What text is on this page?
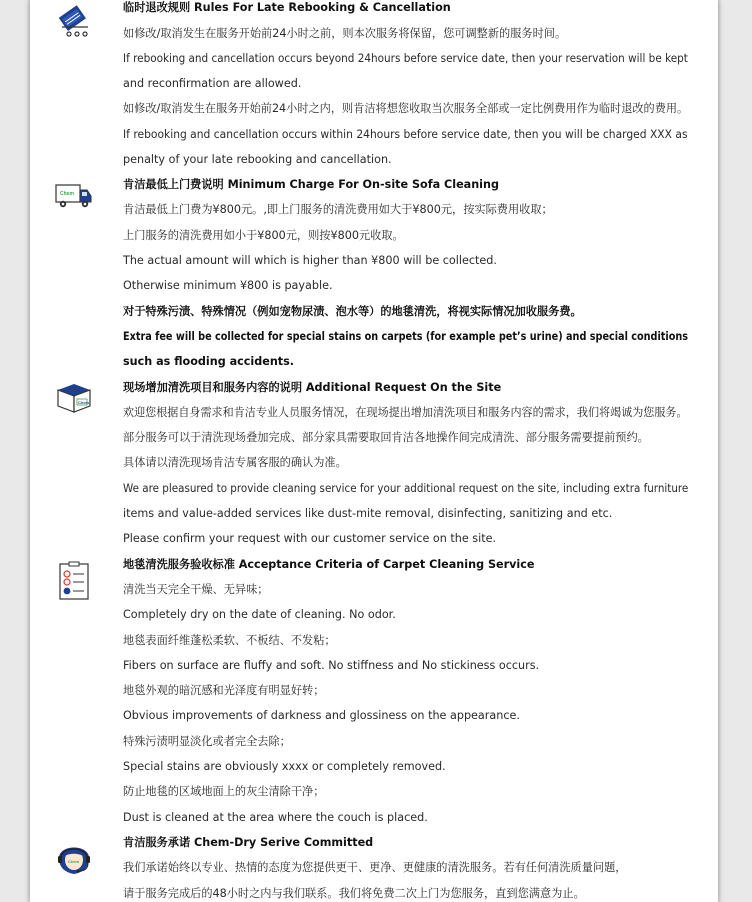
Chem
Chem
Chem
临时退改规则 Rules For Late Rebooking & Cancellation
如修改/取消发生在服务开始前24小时之前，则本次服务将保留，您可调整新的服务时间。
If rebooking and cancellation occurs beyond 24hours before service date, then your reservation will be kept
and reconfirmation are allowed.
如修改/取消发生在服务开始前24小时之内，则肯洁将想您收取当次服务全部或一定比例费用作为临时退改的费用。
If rebooking and cancellation occurs within 24hours before service date, then you will be charged XXX as
penalty of your late rebooking and cancellation.
肯洁最低上门费说明 Minimum Charge For On-site Sofa Cleaning
肯洁最低上门费为¥800元。,即上门服务的清洗费用如大于¥800元，按实际费用收取；
上门服务的清洗费用如小于¥800元，则按¥800元收取。
The actual amount will which is higher than ¥800 will be collected.
Otherwise minimum ¥800 is payable.
对于特殊污渍、特殊情况（例如宠物尿渍、泡水等）的地毯清洗，将视实际情况加收服务费。
Extra fee will be collected for special stains on carpets (for example pet’s urine) and special conditions
such as flooding accidents.
现场增加清洗项目和服务内容的说明 Additional Request On the Site
欢迎您根据自身需求和肯洁专业人员服务情况，在现场提出增加清洗项目和服务内容的需求，我们将竭诚为您服务。
部分服务可以于清洗现场叠加完成、部分家具需要取回肯洁各地操作间完成清洗、部分服务需要提前预约。
具体请以清洗现场肯洁专属客服的确认为准。
We are pleasured to provide cleaning service for your additional request on the site, including extra furniture
items and value-added services like dust-mite removal, disinfecting, sanitizing and etc.
Please confirm your request with our customer service on the site.
地毯清洗服务验收标准 Acceptance Criteria of Carpet Cleaning Service
清洗当天完全干燥、无异味；
Completely dry on the date of cleaning. No odor.
地毯表面纤维蓬松柔软、不板结、不发粘；
Fibers on surface are fluffy and soft. No stiffness and No stickiness occurs.
地毯外观的暗沉感和光泽度有明显好转；
Obvious improvements of darkness and glossiness on the appearance.
特殊污渍明显淡化或者完全去除；
Special stains are obviously xxxx or completely removed.
防止地毯的区域地面上的灰尘清除干净；
Dust is cleaned at the area where the couch is placed.
肯洁服务承诺 Chem-Dry Serive Committed
我们承诺始终以专业、热情的态度为您提供更干、更净、更健康的清洗服务。若有任何清洗质量问题，
请于服务完成后的48小时之内与我们联系。我们将免费二次上门为您服务，直到您满意为止。
